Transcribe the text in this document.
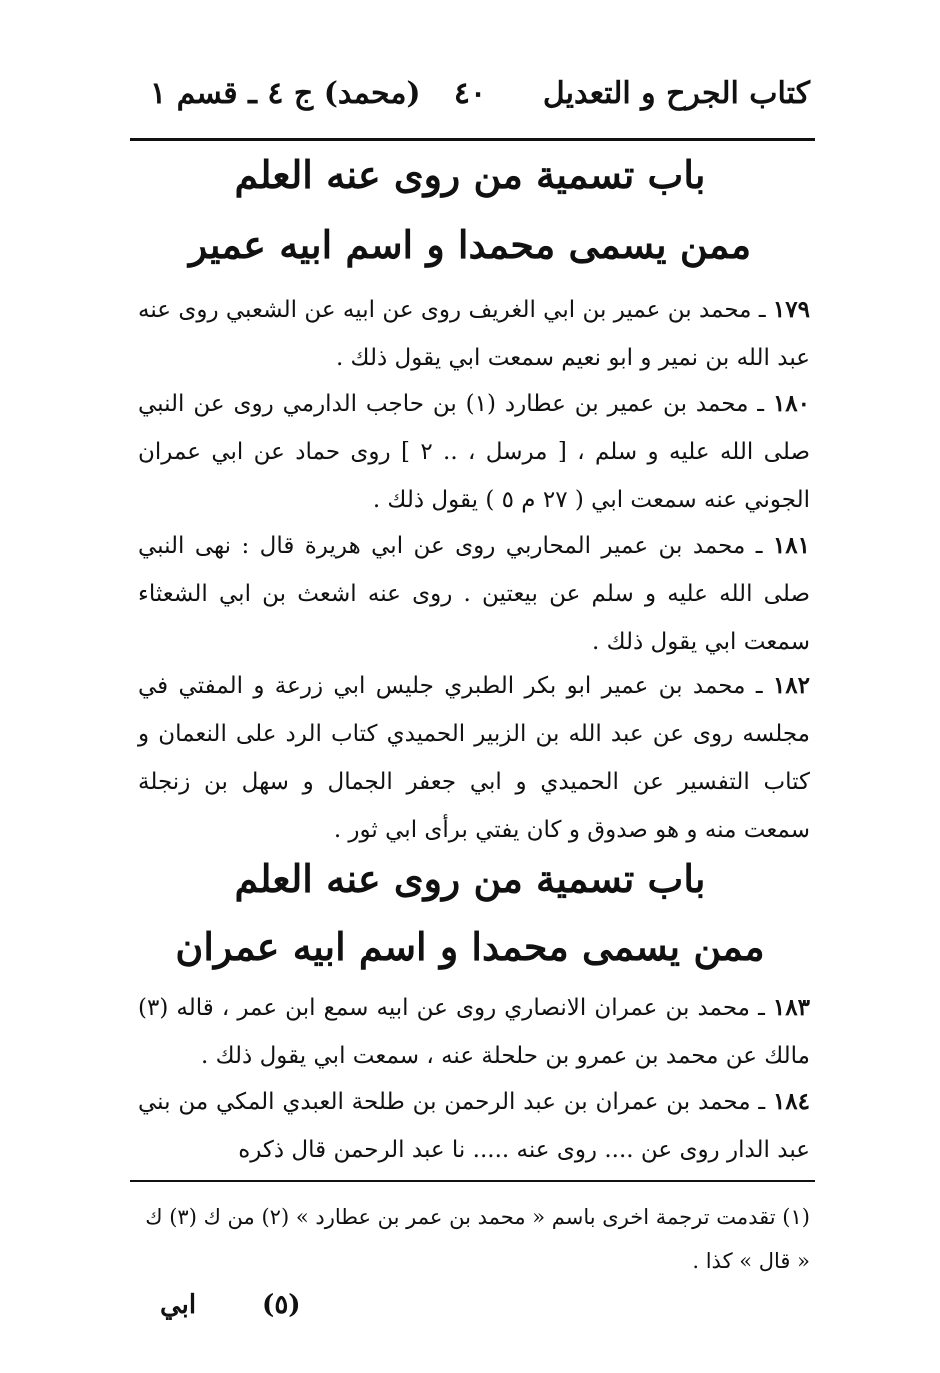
كتاب الجرح و التعديل
٤٠
(محمد) ج ٤ ـ قسم ١
باب تسمية من روى عنه العلم
ممن يسمى محمدا و اسم ابيه عمير
١٧٩ ـ محمد بن عمير بن ابي الغريف روى عن ابيه عن الشعبي روى عنه عبد الله بن نمير و ابو نعيم سمعت ابي يقول ذلك .
١٨٠ ـ محمد بن عمير بن عطارد (١) بن حاجب الدارمي روى عن النبي صلى الله عليه و سلم ، [ مرسل ، .. ٢ ] روى حماد عن ابي عمران الجوني عنه سمعت ابي ( ٢٧ م ٥ ) يقول ذلك .
١٨١ ـ محمد بن عمير المحاربي روى عن ابي هريرة قال : نهى النبي صلى الله عليه و سلم عن بيعتين . روى عنه اشعث بن ابي الشعثاء سمعت ابي يقول ذلك .
١٨٢ ـ محمد بن عمير ابو بكر الطبري جليس ابي زرعة و المفتي في مجلسه روى عن عبد الله بن الزبير الحميدي كتاب الرد على النعمان و كتاب التفسير عن الحميدي و ابي جعفر الجمال و سهل بن زنجلة سمعت منه و هو صدوق و كان يفتي برأى ابي ثور .
باب تسمية من روى عنه العلم
ممن يسمى محمدا و اسم ابيه عمران
١٨٣ ـ محمد بن عمران الانصاري روى عن ابيه سمع ابن عمر ، قاله (٣) مالك عن محمد بن عمرو بن حلحلة عنه ، سمعت ابي يقول ذلك .
١٨٤ ـ محمد بن عمران بن عبد الرحمن بن طلحة العبدي المكي من بني عبد الدار روى عن .... روى عنه ..... نا عبد الرحمن قال ذكره
(١) تقدمت ترجمة اخرى باسم « محمد بن عمر بن عطارد » (٢) من ك (٣) ك
« قال » كذا .
(٥)
ابي
